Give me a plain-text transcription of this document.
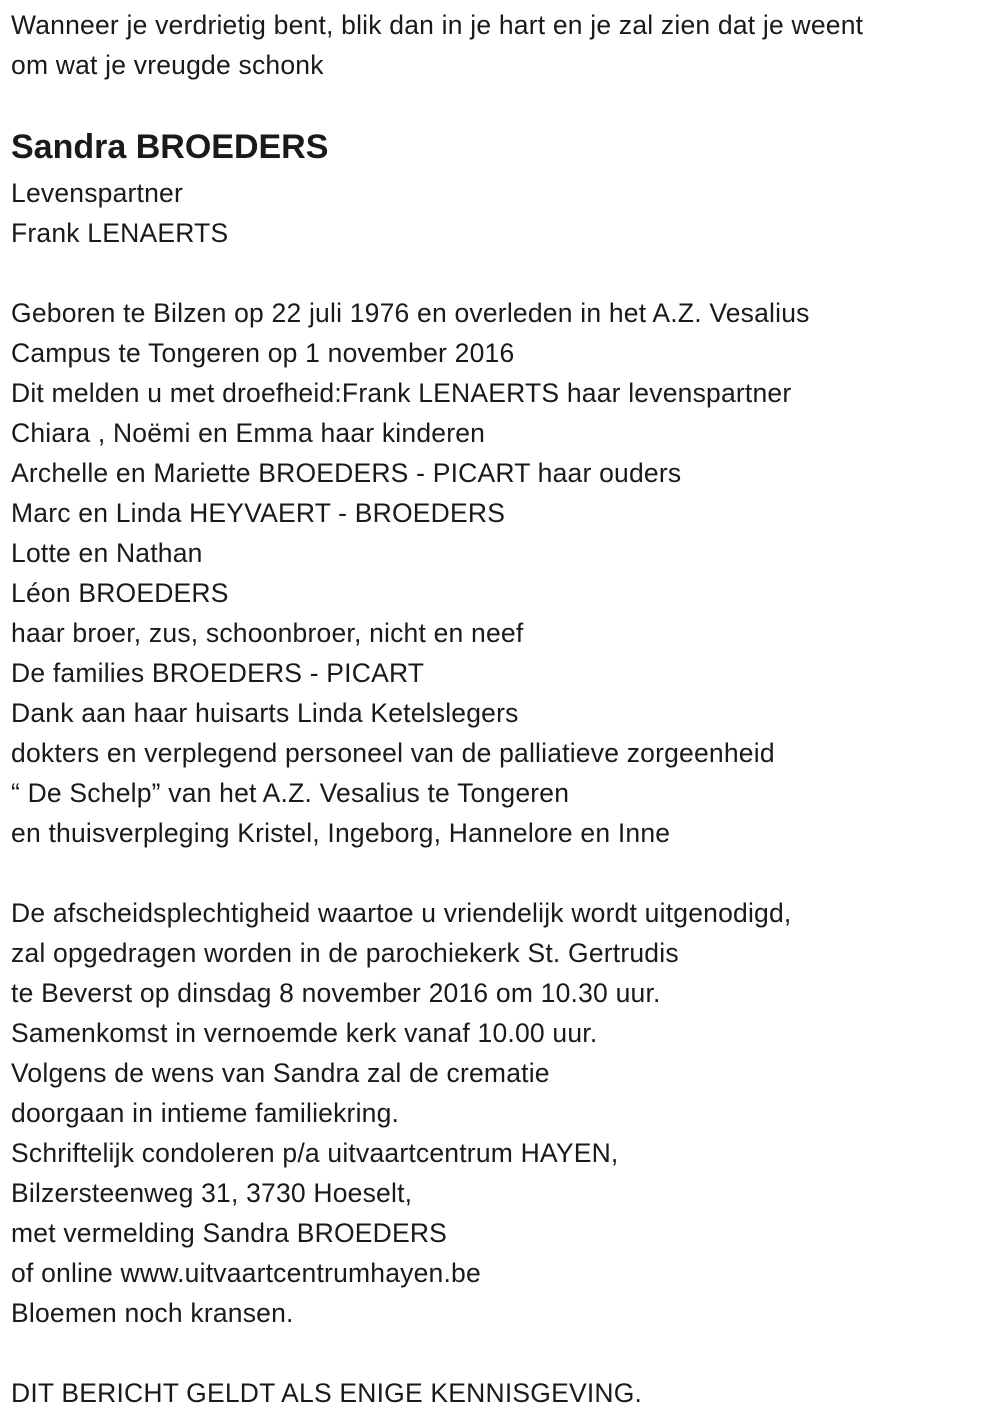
Wanneer je verdrietig bent, blik dan in je hart en je zal zien dat je weent
om wat je vreugde schonk
Sandra BROEDERS
Levenspartner
Frank LENAERTS
Geboren te Bilzen op 22 juli 1976 en overleden in het A.Z. Vesalius
Campus te Tongeren op 1 november 2016
Dit melden u met droefheid:Frank LENAERTS haar levenspartner
Chiara , Noëmi en Emma haar kinderen
Archelle en Mariette BROEDERS - PICART haar ouders
Marc en Linda HEYVAERT - BROEDERS
Lotte en Nathan
Léon BROEDERS
haar broer, zus, schoonbroer, nicht en neef
De families BROEDERS - PICART
Dank aan haar huisarts Linda Ketelslegers
dokters en verplegend personeel van de palliatieve zorgeenheid
“ De Schelp” van het A.Z. Vesalius te Tongeren
en thuisverpleging Kristel, Ingeborg, Hannelore en Inne
De afscheidsplechtigheid waartoe u vriendelijk wordt uitgenodigd,
zal opgedragen worden in de parochiekerk St. Gertrudis
te Beverst op dinsdag 8 november 2016 om 10.30 uur.
Samenkomst in vernoemde kerk vanaf 10.00 uur.
Volgens de wens van Sandra zal de crematie
doorgaan in intieme familiekring.
Schriftelijk condoleren p/a uitvaartcentrum HAYEN,
Bilzersteenweg 31, 3730 Hoeselt,
met vermelding Sandra BROEDERS
of online www.uitvaartcentrumhayen.be
Bloemen noch kransen.
DIT BERICHT GELDT ALS ENIGE KENNISGEVING.
